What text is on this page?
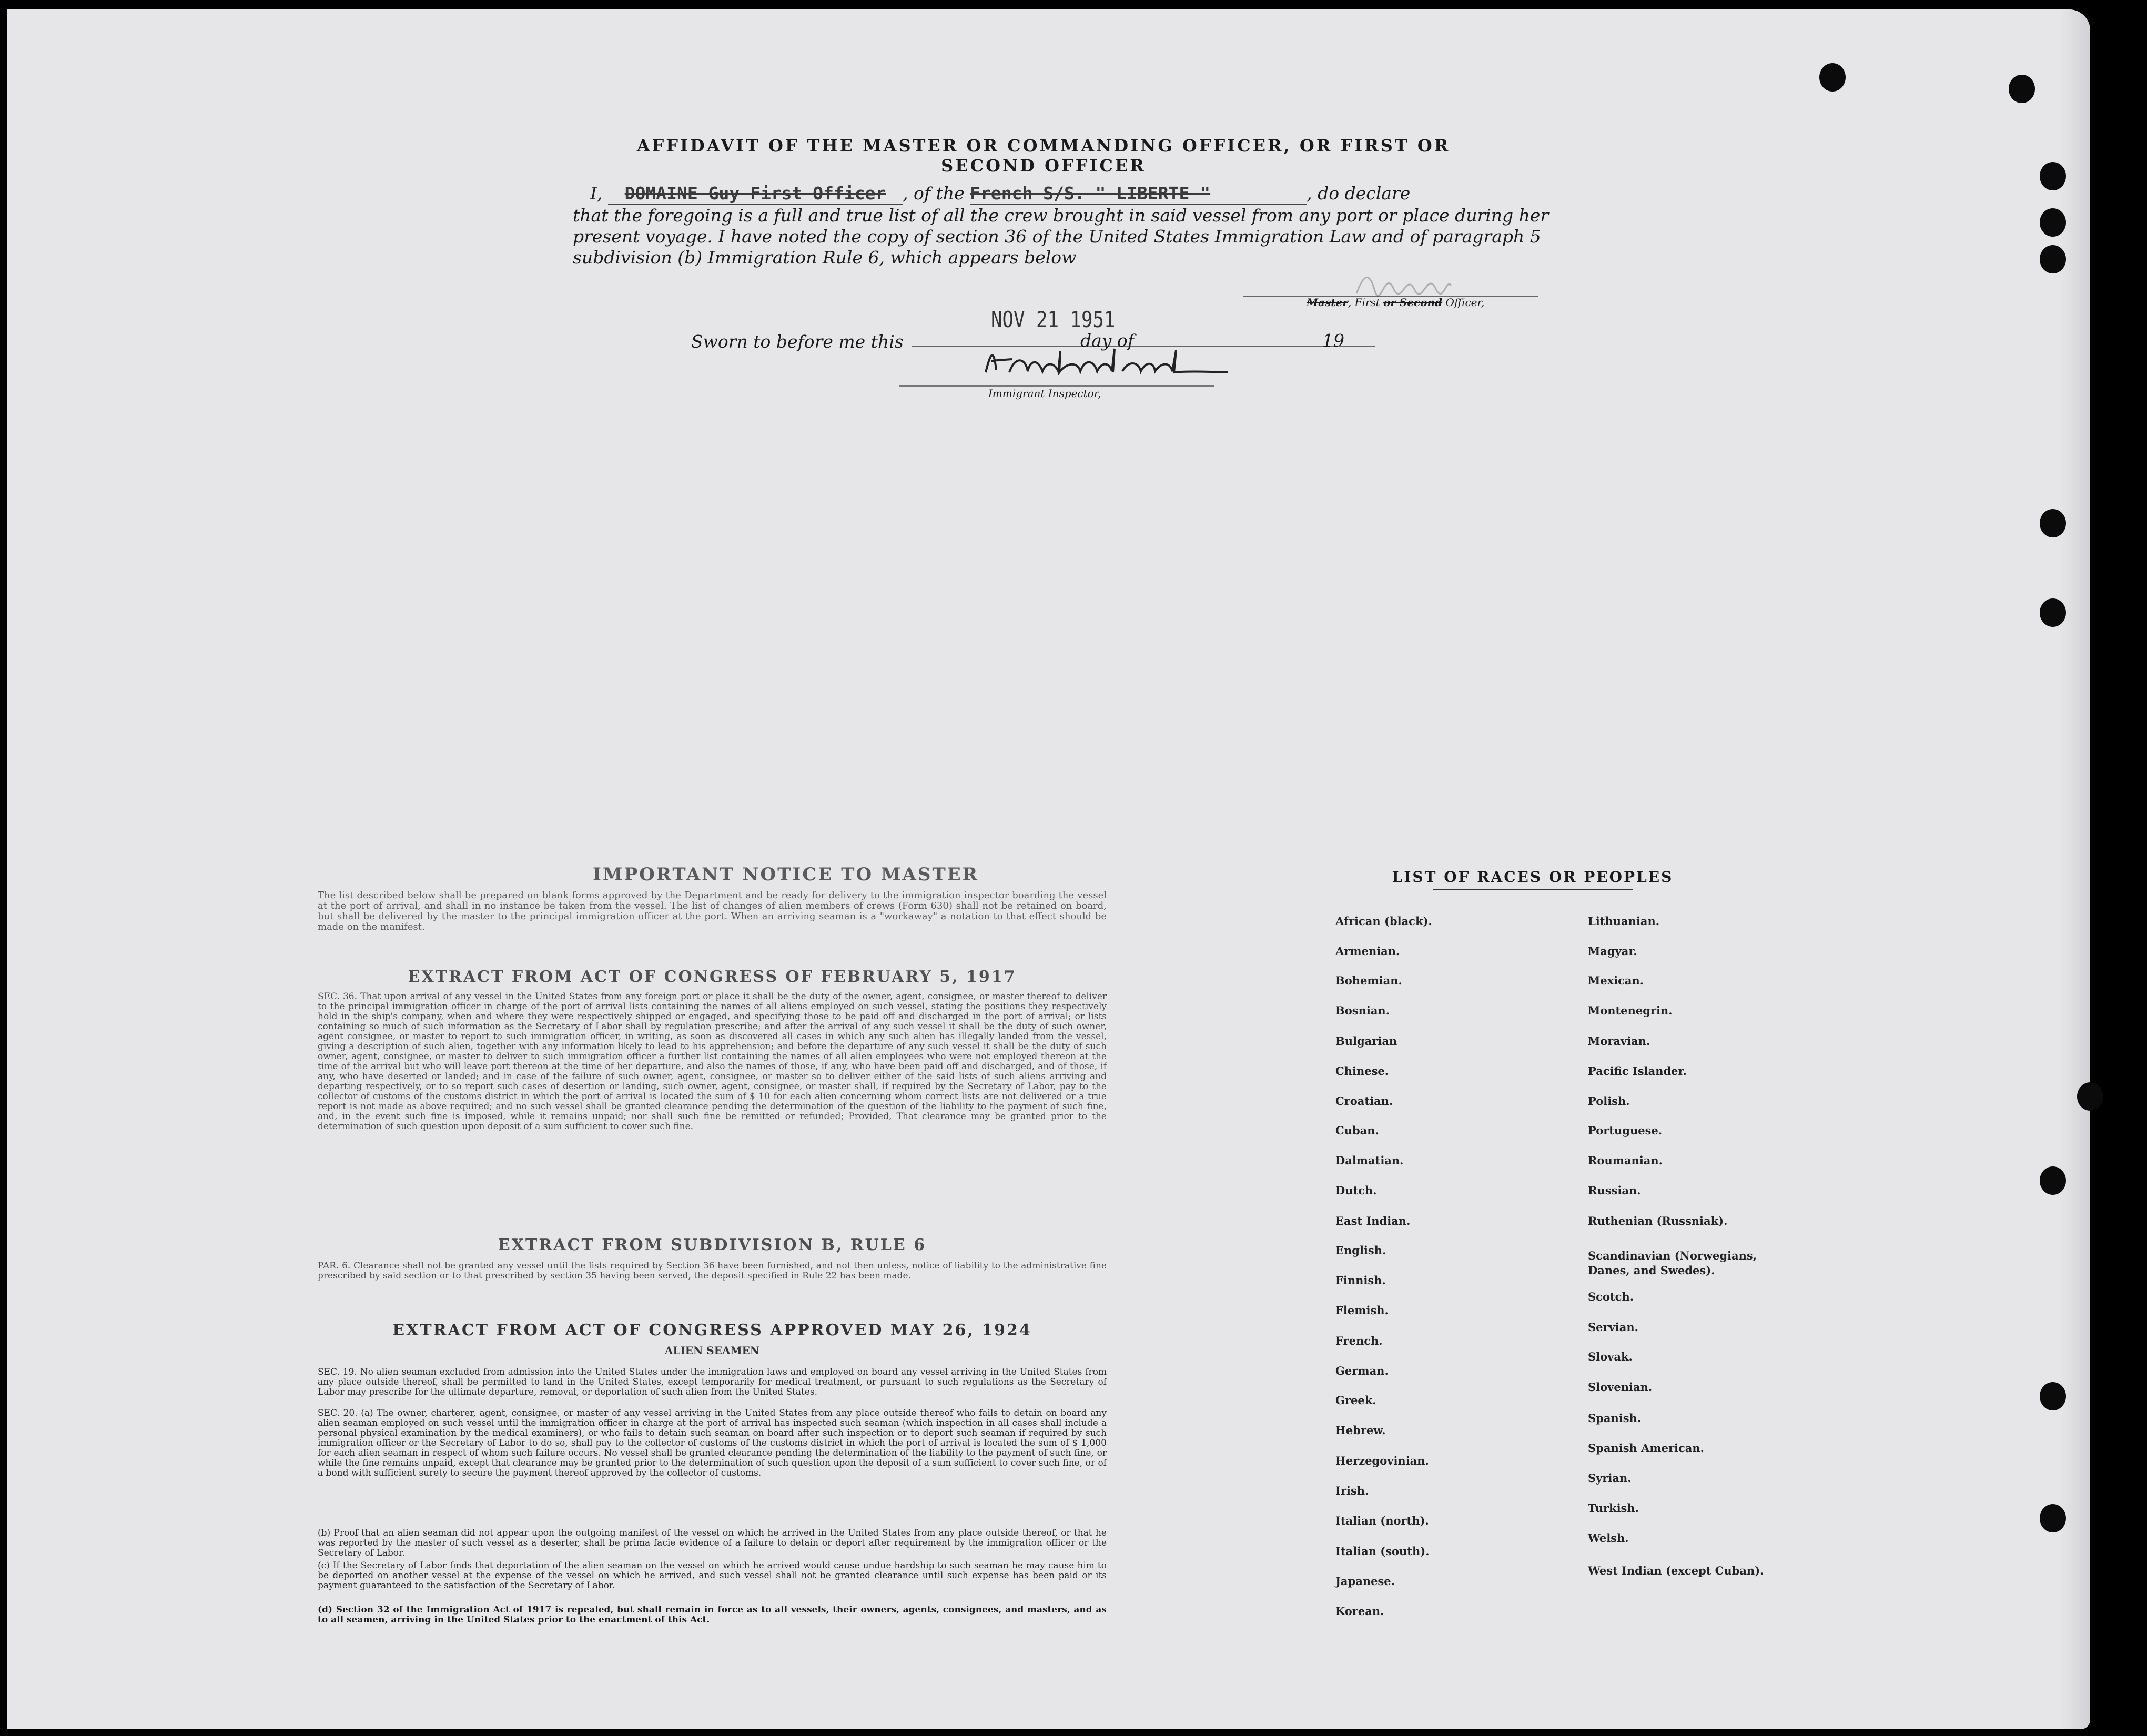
AFFIDAVIT OF THE MASTER OR COMMANDING OFFICER, OR FIRST OR SECOND OFFICER
I, DOMAINE Guy First Officer , of the French S/S. " LIBERTE "	, do declare
that the foregoing is a full and true list of all the crew brought in said vessel from any port or place during her
present voyage. I have noted the copy of section 36 of the United States Immigration Law and of paragraph 5
subdivision (b) Immigration Rule 6, which appears below
Master, First or Second Officer,
Sworn to before me this
NOV 21 1951
day of	19
Immigrant Inspector,
IMPORTANT NOTICE TO MASTER
The list described below shall be prepared on blank forms approved by the Department and be ready for delivery to the immigration inspector boarding the vessel at the port of arrival, and shall in no instance be taken from the vessel. The list of changes of alien members of crews (Form 630) shall not be retained on board, but shall be delivered by the master to the principal immigration officer at the port. When an arriving seaman is a "workaway" a notation to that effect should be made on the manifest.
EXTRACT FROM ACT OF CONGRESS OF FEBRUARY 5, 1917
SEC. 36. That upon arrival of any vessel in the United States from any foreign port or place it shall be the duty of the owner, agent, consignee, or master thereof to deliver to the principal immigration officer in charge of the port of arrival lists containing the names of all aliens employed on such vessel, stating the positions they respectively hold in the ship's company, when and where they were respectively shipped or engaged, and specifying those to be paid off and discharged in the port of arrival; or lists containing so much of such information as the Secretary of Labor shall by regulation prescribe; and after the arrival of any such vessel it shall be the duty of such owner, agent consignee, or master to report to such immigration officer, in writing, as soon as discovered all cases in which any such alien has illegally landed from the vessel, giving a description of such alien, together with any information likely to lead to his apprehension; and before the departure of any such vessel it shall be the duty of such owner, agent, consignee, or master to deliver to such immigration officer a further list containing the names of all alien employees who were not employed thereon at the time of the arrival but who will leave port thereon at the time of her departure, and also the names of those, if any, who have been paid off and discharged, and of those, if any, who have deserted or landed; and in case of the failure of such owner, agent, consignee, or master so to deliver either of the said lists of such aliens arriving and departing respectively, or to so report such cases of desertion or landing, such owner, agent, consignee, or master shall, if required by the Secretary of Labor, pay to the collector of customs of the customs district in which the port of arrival is located the sum of $ 10 for each alien concerning whom correct lists are not delivered or a true report is not made as above required; and no such vessel shall be granted clearance pending the determination of the question of the liability to the payment of such fine, and, in the event such fine is imposed, while it remains unpaid; nor shall such fine be remitted or refunded; Provided, That clearance may be granted prior to the determination of such question upon deposit of a sum sufficient to cover such fine.
EXTRACT FROM SUBDIVISION B, RULE 6
PAR. 6. Clearance shall not be granted any vessel until the lists required by Section 36 have been furnished, and not then unless, notice of liability to the administrative fine prescribed by said section or to that prescribed by section 35 having been served, the deposit specified in Rule 22 has been made.
EXTRACT FROM ACT OF CONGRESS APPROVED MAY 26, 1924
ALIEN SEAMEN
SEC. 19. No alien seaman excluded from admission into the United States under the immigration laws and employed on board any vessel arriving in the United States from any place outside thereof, shall be permitted to land in the United States, except temporarily for medical treatment, or pursuant to such regulations as the Secretary of Labor may prescribe for the ultimate departure, removal, or deportation of such alien from the United States.
SEC. 20. (a) The owner, charterer, agent, consignee, or master of any vessel arriving in the United States from any place outside thereof who fails to detain on board any alien seaman employed on such vessel until the immigration officer in charge at the port of arrival has inspected such seaman (which inspection in all cases shall include a personal physical examination by the medical examiners), or who fails to detain such seaman on board after such inspection or to deport such seaman if required by such immigration officer or the Secretary of Labor to do so, shall pay to the collector of customs of the customs district in which the port of arrival is located the sum of $ 1,000 for each alien seaman in respect of whom such failure occurs. No vessel shall be granted clearance pending the determination of the liability to the payment of such fine, or while the fine remains unpaid, except that clearance may be granted prior to the determination of such question upon the deposit of a sum sufficient to cover such fine, or of a bond with sufficient surety to secure the payment thereof approved by the collector of customs.
(b) Proof that an alien seaman did not appear upon the outgoing manifest of the vessel on which he arrived in the United States from any place outside thereof, or that he was reported by the master of such vessel as a deserter, shall be prima facie evidence of a failure to detain or deport after requirement by the immigration officer or the Secretary of Labor.
(c) If the Secretary of Labor finds that deportation of the alien seaman on the vessel on which he arrived would cause undue hardship to such seaman he may cause him to be deported on another vessel at the expense of the vessel on which he arrived, and such vessel shall not be granted clearance until such expense has been paid or its payment guaranteed to the satisfaction of the Secretary of Labor.
(d) Section 32 of the Immigration Act of 1917 is repealed, but shall remain in force as to all vessels, their owners, agents, consignees, and masters, and as to all seamen, arriving in the United States prior to the enactment of this Act.
LIST OF RACES OR PEOPLES
African (black).
Armenian.
Bohemian.
Bosnian.
Bulgarian
Chinese.
Croatian.
Cuban.
Dalmatian.
Dutch.
East Indian.
English.
Finnish.
Flemish.
French.
German.
Greek.
Hebrew.
Herzegovinian.
Irish.
Italian (north).
Italian (south).
Japanese.
Korean.
Lithuanian.
Magyar.
Mexican.
Montenegrin.
Moravian.
Pacific Islander.
Polish.
Portuguese.
Roumanian.
Russian.
Ruthenian (Russniak).
Scandinavian (Norwegians, Danes, and Swedes).
Scotch.
Servian.
Slovak.
Slovenian.
Spanish.
Spanish American.
Syrian.
Turkish.
Welsh.
West Indian (except Cuban).
